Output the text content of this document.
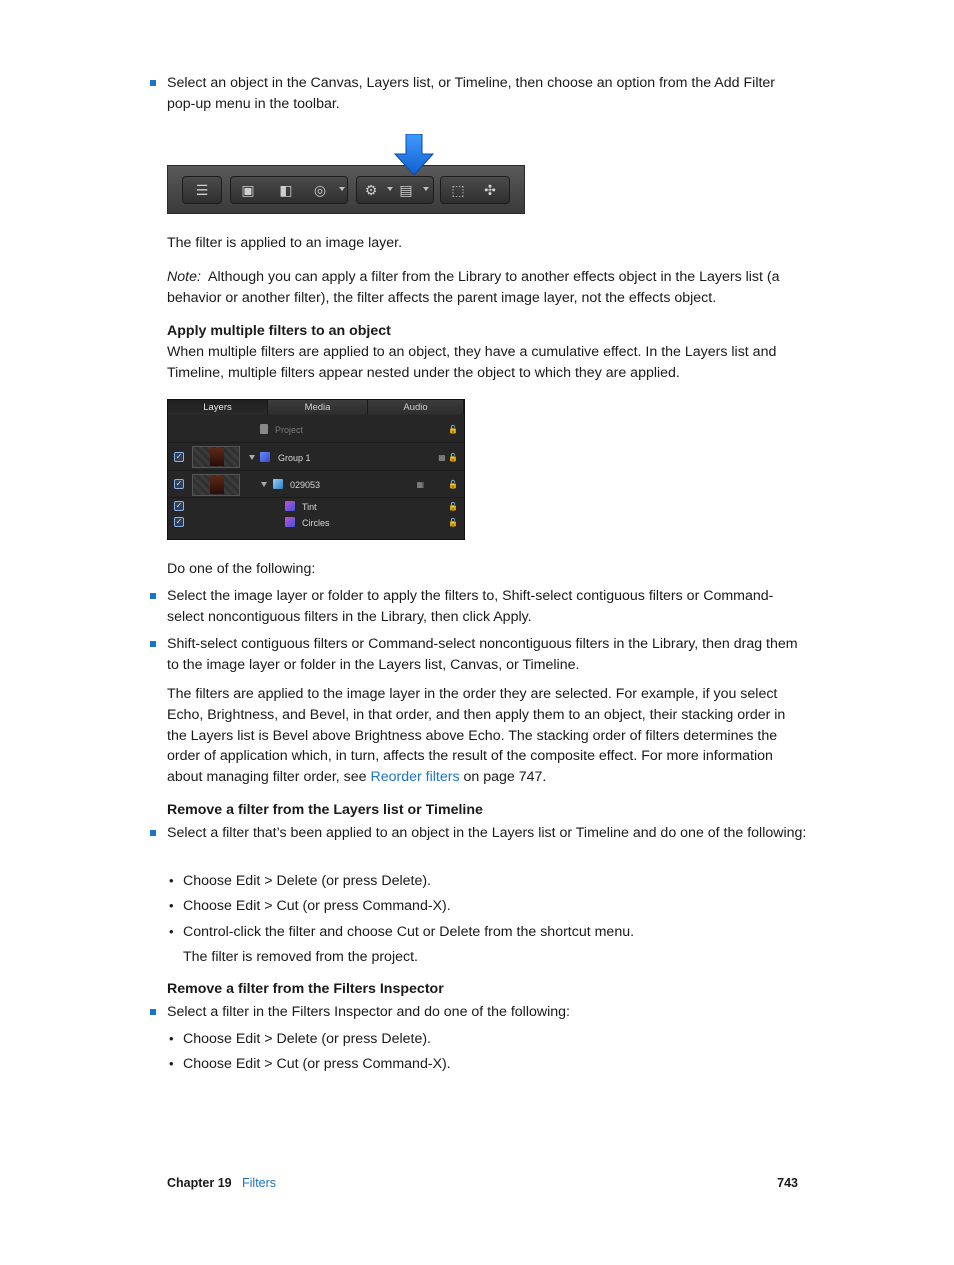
Select an object in the Canvas, Layers list, or Timeline, then choose an option from the Add Filter pop-up menu in the toolbar.
☰ ▣ ◧ ◎	⚙ ▤	⬚ ✣
The filter is applied to an image layer.
Note: Although you can apply a filter from the Library to another effects object in the Layers list (a behavior or another filter), the filter affects the parent image layer, not the effects object.
Apply multiple filters to an object
When multiple filters are applied to an object, they have a cumulative effect. In the Layers list and Timeline, multiple filters appear nested under the object to which they are applied.
Layers	Media	Audio
Project	🔓
✓	Group 1	▦ 🔓
✓	029053	▦	🔓
✓	Tint	🔓
✓	Circles	🔓
Do one of the following:
Select the image layer or folder to apply the filters to, Shift-select contiguous filters or Command-select noncontiguous filters in the Library, then click Apply.
Shift-select contiguous filters or Command-select noncontiguous filters in the Library, then drag them to the image layer or folder in the Layers list, Canvas, or Timeline.
The filters are applied to the image layer in the order they are selected. For example, if you select Echo, Brightness, and Bevel, in that order, and then apply them to an object, their stacking order in the Layers list is Bevel above Brightness above Echo. The stacking order of filters determines the order of application which, in turn, affects the result of the composite effect. For more information about managing filter order, see Reorder filters on page 747.
Remove a filter from the Layers list or Timeline
Select a filter that’s been applied to an object in the Layers list or Timeline and do one of the following:
• Choose Edit > Delete (or press Delete).
• Choose Edit > Cut (or press Command-X).
• Control-click the filter and choose Cut or Delete from the shortcut menu.
The filter is removed from the project.
Remove a filter from the Filters Inspector
Select a filter in the Filters Inspector and do one of the following:
• Choose Edit > Delete (or press Delete).
• Choose Edit > Cut (or press Command-X).
Chapter 19 Filters	743
